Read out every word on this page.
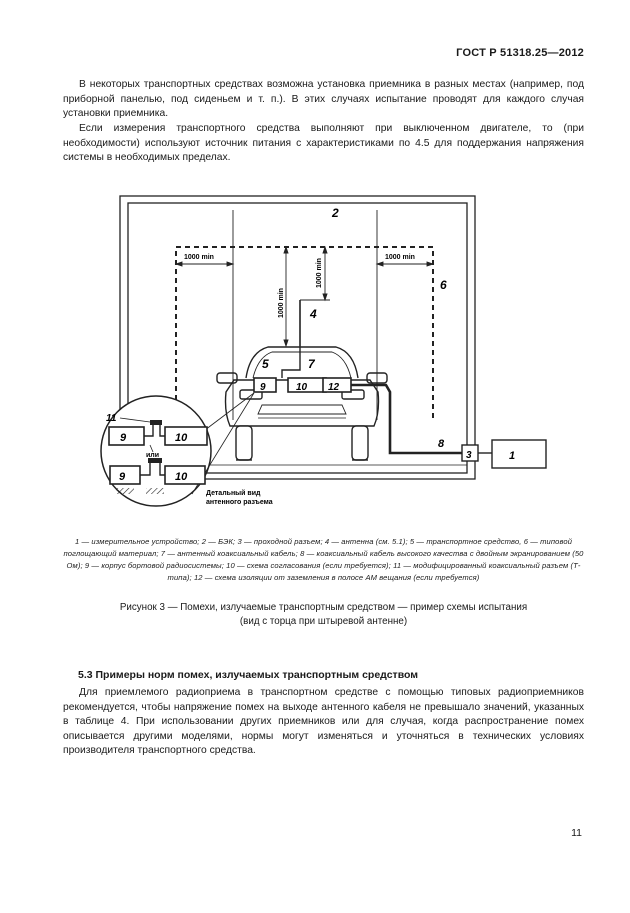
ГОСТ Р 51318.25—2012

В некоторых транспортных средствах возможна установка приемника в разных местах (например, под приборной панелью, под сиденьем и т. п.). В этих случаях испытание проводят для каждого случая установки приемника.

Если измерения транспортного средства выполняют при выключенном двигателе, то (при необходимости) используют источник питания с характеристиками по 4.5 для поддержания напряжения системы в необходимых пределах.

1000 min	1000 min
1000 min
1000 min
9	10 12
3	1
2
4
5
6
7
8
11
9	10
или
9	10
Детальный вид
антенного разъема

1 — измерительное устройство; 2 — БЭК; 3 — проходной разъем; 4 — антенна (см. 5.1); 5 — транспортное средство, 6 — типовой поглощающий материал; 7 — антенный коаксиальный кабель; 8 — коаксиальный кабель высокого качества с двойным экранированием (50 Ом); 9 — корпус бортовой радиосистемы; 10 — схема согласования (если требуется); 11 — модифицированный коаксиальный разъем (Т-типа); 12 — схема изоляции от заземления в полосе АМ вещания (если требуется)

Рисунок 3 — Помехи, излучаемые транспортным средством — пример схемы испытания
(вид с торца при штыревой антенне)
5.3 Примеры норм помех, излучаемых транспортным средством

Для приемлемого радиоприема в транспортном средстве с помощью типовых радиоприемников рекомендуется, чтобы напряжение помех на выходе антенного кабеля не превышало значений, указанных в таблице 4. При использовании других приемников или для случая, когда распространение помех описывается другими моделями, нормы могут изменяться и уточняться в технических условиях производителя транспортного средства.

11
